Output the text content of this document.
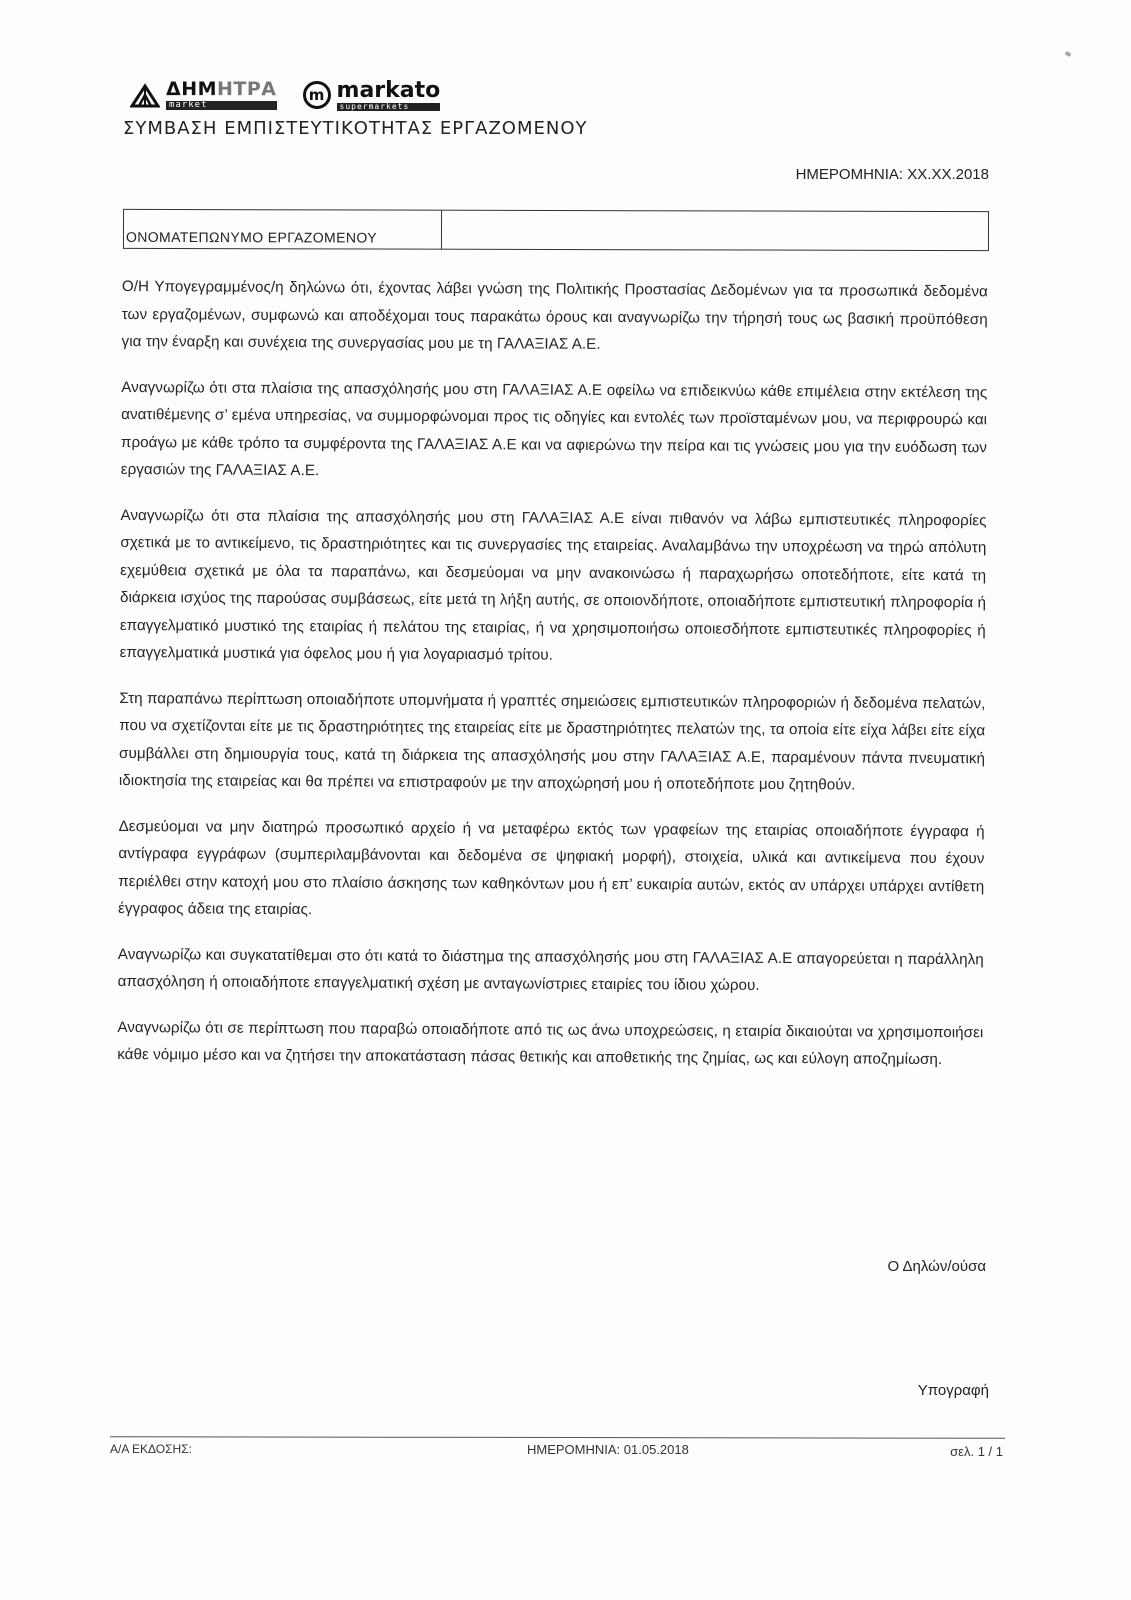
ΔΗΜΗΤΡΑ
market
m markato
supermarkets
ΣΥΜΒΑΣΗ ΕΜΠΙΣΤΕΥΤΙΚΟΤΗΤΑΣ ΕΡΓΑΖΟΜΕΝΟΥ
ΗΜΕΡΟΜΗΝΙΑ: XX.XX.2018
ΟΝΟΜΑΤΕΠΩΝΥΜΟ ΕΡΓΑΖΟΜΕΝΟΥ

Ο/Η Υπογεγραμμένος/η δηλώνω ότι, έχοντας λάβει γνώση της Πολιτικής Προστασίας Δεδομένων για τα προσωπικά δεδομένα των εργαζομένων, συμφωνώ και αποδέχομαι τους παρακάτω όρους και αναγνωρίζω την τήρησή τους ως βασική προϋπόθεση για την έναρξη και συνέχεια της συνεργασίας μου με τη ΓΑΛΑΞΙΑΣ Α.Ε.

Αναγνωρίζω ότι στα πλαίσια της απασχόλησής μου στη ΓΑΛΑΞΙΑΣ Α.Ε οφείλω να επιδεικνύω κάθε επιμέλεια στην εκτέλεση της ανατιθέμενης σ’ εμένα υπηρεσίας, να συμμορφώνομαι προς τις οδηγίες και εντολές των προϊσταμένων μου, να περιφρουρώ και προάγω με κάθε τρόπο τα συμφέροντα της ΓΑΛΑΞΙΑΣ Α.Ε και να αφιερώνω την πείρα και τις γνώσεις μου για την ευόδωση των εργασιών της ΓΑΛΑΞΙΑΣ Α.Ε.

Αναγνωρίζω ότι στα πλαίσια της απασχόλησής μου στη ΓΑΛΑΞΙΑΣ Α.Ε είναι πιθανόν να λάβω εμπιστευτικές πληροφορίες σχετικά με το αντικείμενο, τις δραστηριότητες και τις συνεργασίες της εταιρείας. Αναλαμβάνω την υποχρέωση να τηρώ απόλυτη εχεμύθεια σχετικά με όλα τα παραπάνω, και δεσμεύομαι να μην ανακοινώσω ή παραχωρήσω οποτεδήποτε, είτε κατά τη διάρκεια ισχύος της παρούσας συμβάσεως, είτε μετά τη λήξη αυτής, σε οποιονδήποτε, οποιαδήποτε εμπιστευτική πληροφορία ή επαγγελματικό μυστικό της εταιρίας ή πελάτου της εταιρίας, ή να χρησιμοποιήσω οποιεσδήποτε εμπιστευτικές πληροφορίες ή επαγγελματικά μυστικά για όφελος μου ή για λογαριασμό τρίτου.

Στη παραπάνω περίπτωση οποιαδήποτε υπομνήματα ή γραπτές σημειώσεις εμπιστευτικών πληροφοριών ή δεδομένα πελατών, που να σχετίζονται είτε με τις δραστηριότητες της εταιρείας είτε με δραστηριότητες πελατών της, τα οποία είτε είχα λάβει είτε είχα συμβάλλει στη δημιουργία τους, κατά τη διάρκεια της απασχόλησής μου στην ΓΑΛΑΞΙΑΣ Α.Ε, παραμένουν πάντα πνευματική ιδιοκτησία της εταιρείας και θα πρέπει να επιστραφούν με την αποχώρησή μου ή οποτεδήποτε μου ζητηθούν.

Δεσμεύομαι να μην διατηρώ προσωπικό αρχείο ή να μεταφέρω εκτός των γραφείων της εταιρίας οποιαδήποτε έγγραφα ή αντίγραφα εγγράφων (συμπεριλαμβάνονται και δεδομένα σε ψηφιακή μορφή), στοιχεία, υλικά και αντικείμενα που έχουν περιέλθει στην κατοχή μου στο πλαίσιο άσκησης των καθηκόντων μου ή επ’ ευκαιρία αυτών, εκτός αν υπάρχει υπάρχει αντίθετη έγγραφος άδεια της εταιρίας.

Αναγνωρίζω και συγκατατίθεμαι στο ότι κατά το διάστημα της απασχόλησής μου στη ΓΑΛΑΞΙΑΣ Α.Ε απαγορεύεται η παράλληλη απασχόληση ή οποιαδήποτε επαγγελματική σχέση με ανταγωνίστριες εταιρίες του ίδιου χώρου.

Αναγνωρίζω ότι σε περίπτωση που παραβώ οποιαδήποτε από τις ως άνω υποχρεώσεις, η εταιρία δικαιούται να χρησιμοποιήσει κάθε νόμιμο μέσο και να ζητήσει την αποκατάσταση πάσας θετικής και αποθετικής της ζημίας, ως και εύλογη αποζημίωση.

Ο Δηλών/ούσα
Υπογραφή
Α/Α ΕΚΔΟΣΗΣ:	ΗΜΕΡΟΜΗΝΙΑ: 01.05.2018	σελ. 1 / 1
